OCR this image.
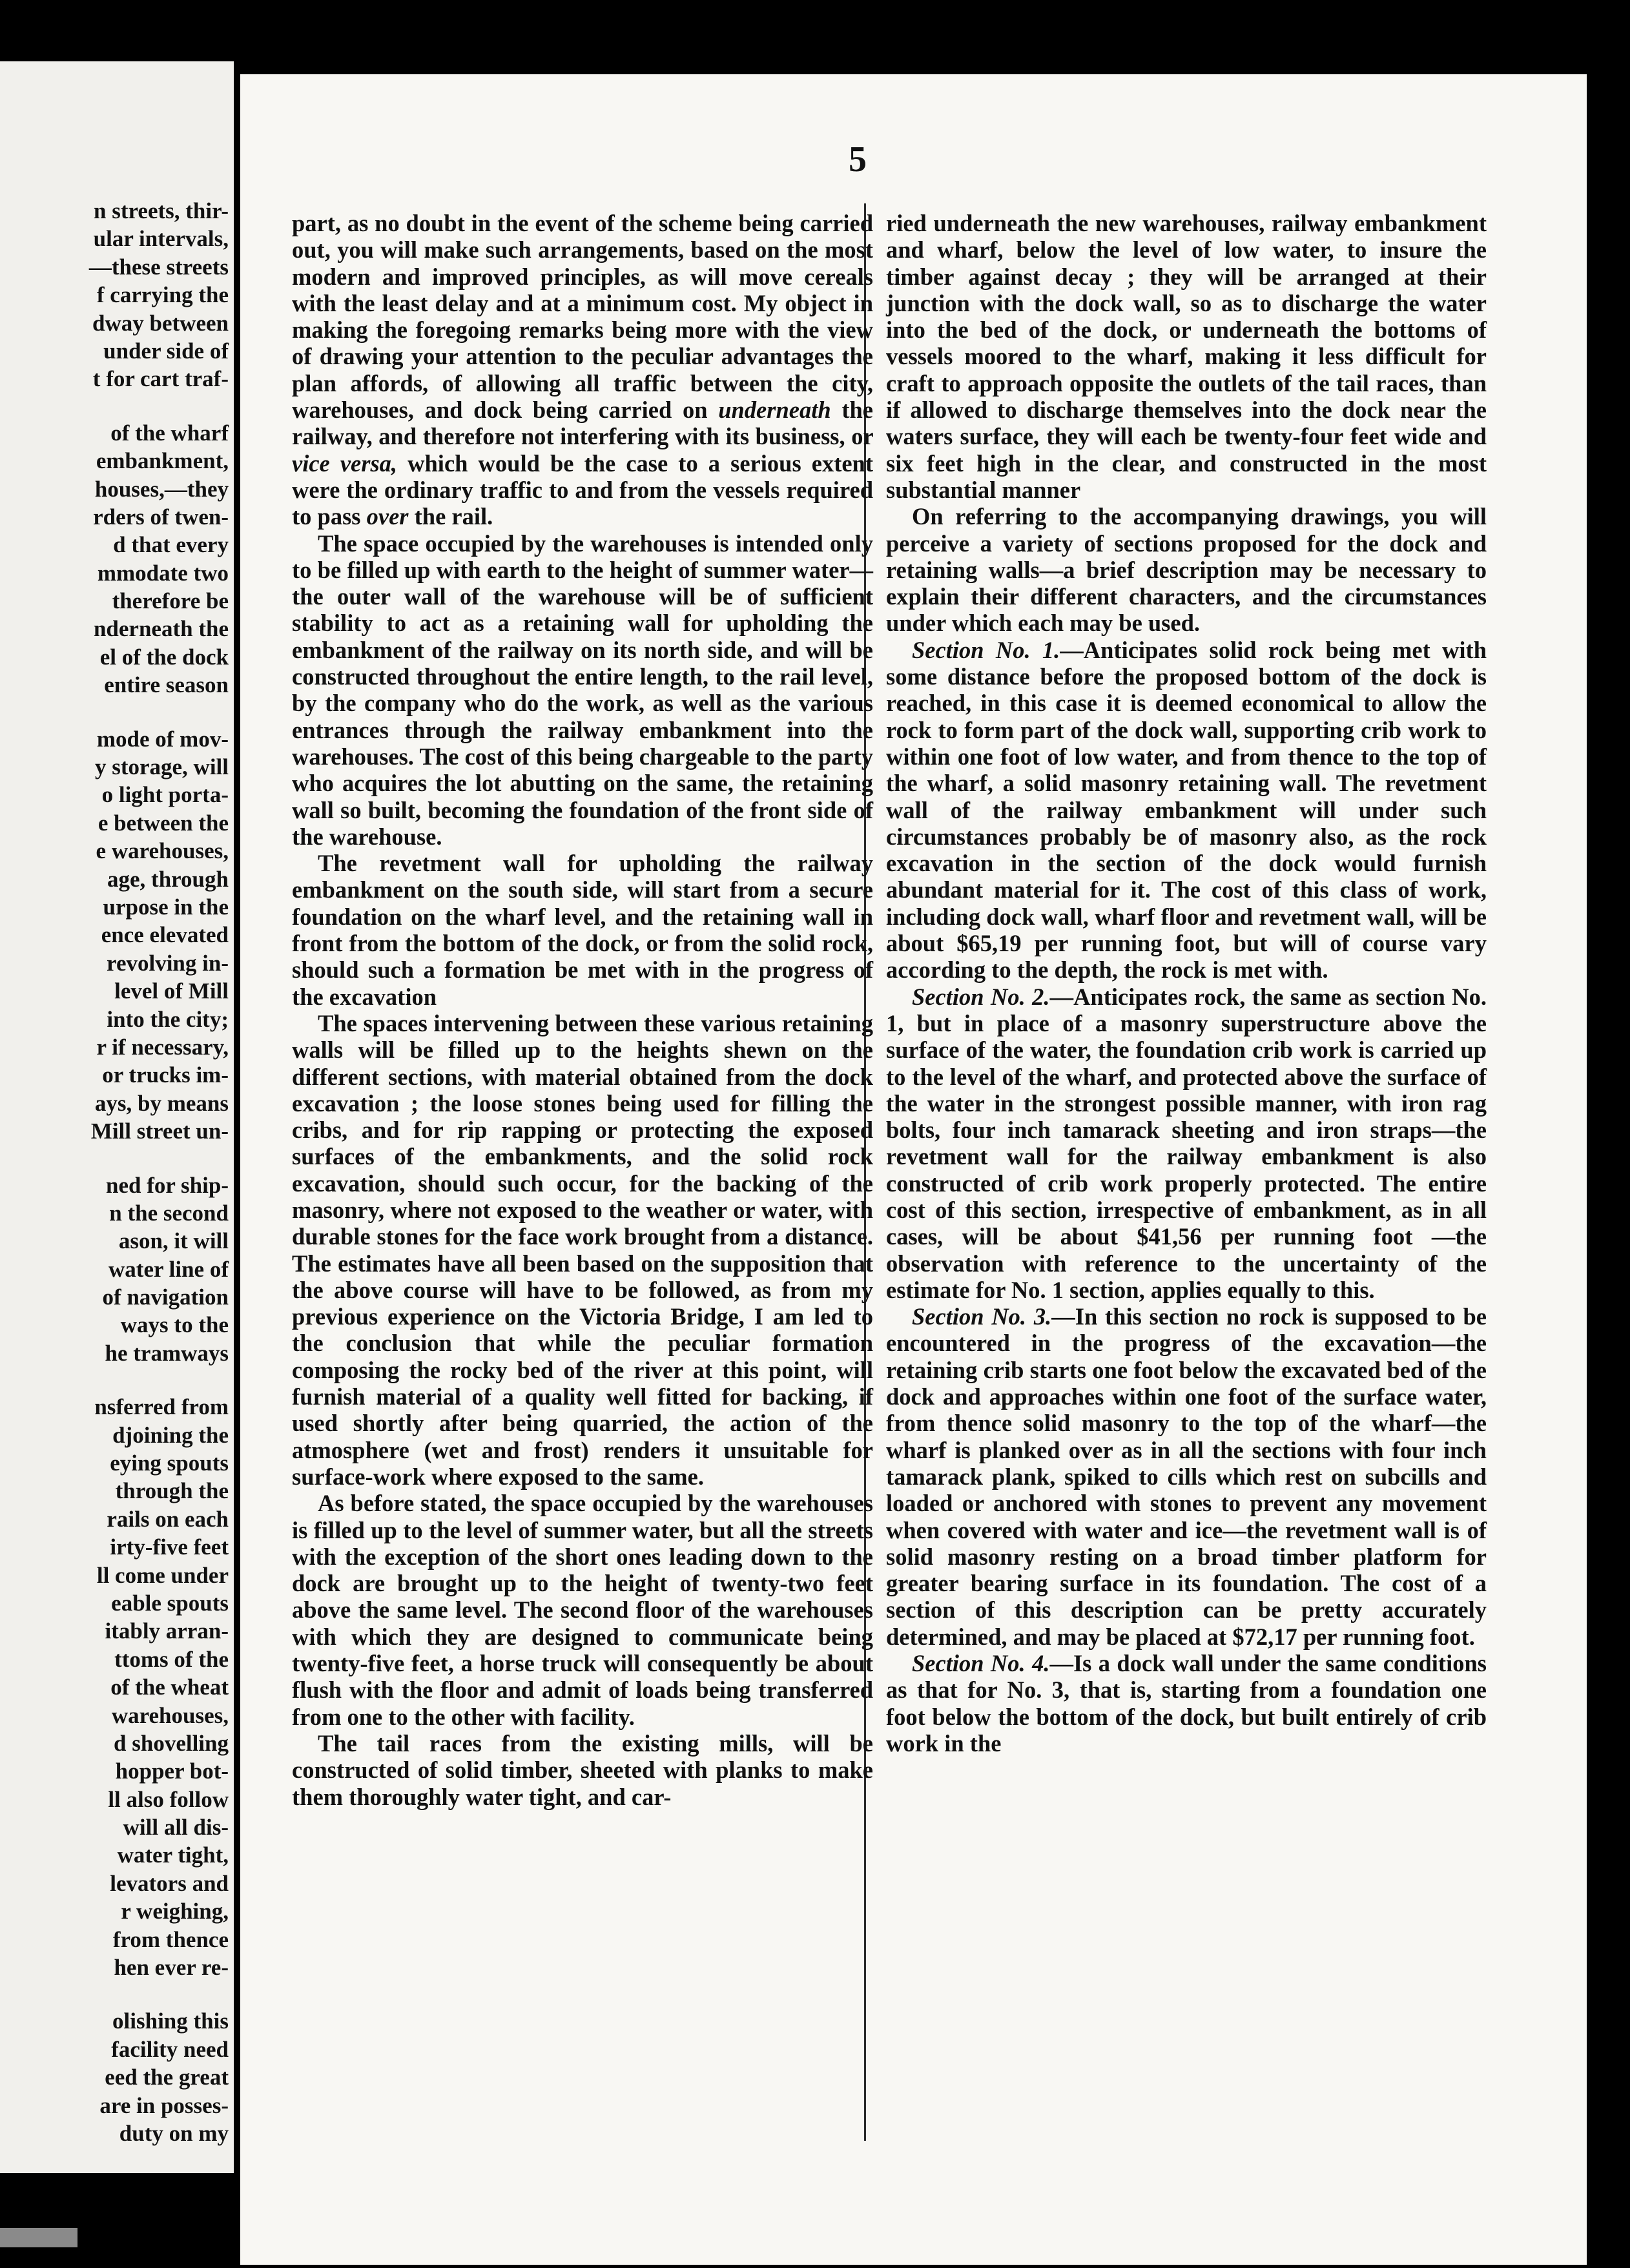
n streets, thir-
ular intervals,
—these streets
f carrying the
dway between
under side of
t for cart traf-
of the wharf
embankment,
houses,—they
rders of twen-
d that every
mmodate two
therefore be
nderneath the
el of the dock
entire season
mode of mov-
y storage, will
o light porta-
e between the
e warehouses,
age, through
urpose in the
ence elevated
revolving in-
level of Mill
into the city;
r if necessary,
or trucks im-
ays, by means
Mill street un-
ned for ship-
n the second
ason, it will
water line of
of navigation
ways to the
he tramways
nsferred from
djoining the
eying spouts
through the
rails on each
irty-five feet
ll come under
eable spouts
itably arran-
ttoms of the
of the wheat
warehouses,
d shovelling
hopper bot-
ll also follow
will all dis-
water tight,
levators and
r weighing,
from thence
hen ever re-
olishing this
facility need
eed the great
are in posses-
duty on my
5

part, as no doubt in the event of the scheme being carried out, you will make such arrangements, based on the most modern and improved principles, as will move cereals with the least delay and at a minimum cost. My object in making the foregoing remarks being more with the view of drawing your attention to the peculiar advantages the plan affords, of allowing all traffic between the city, warehouses, and dock being carried on underneath the railway, and therefore not interfering with its business, or vice versa, which would be the case to a serious extent were the ordinary traffic to and from the vessels required to pass over the rail.

The space occupied by the warehouses is intended only to be filled up with earth to the height of summer water—the outer wall of the warehouse will be of sufficient stability to act as a retaining wall for upholding the embankment of the railway on its north side, and will be constructed throughout the entire length, to the rail level, by the company who do the work, as well as the various entrances through the railway embankment into the warehouses. The cost of this being chargeable to the party who acquires the lot abutting on the same, the retaining wall so built, becoming the foundation of the front side of the warehouse.

The revetment wall for upholding the railway embankment on the south side, will start from a secure foundation on the wharf level, and the retaining wall in front from the bottom of the dock, or from the solid rock, should such a formation be met with in the progress of the excavation

The spaces intervening between these various retaining walls will be filled up to the heights shewn on the different sections, with material obtained from the dock excavation ; the loose stones being used for filling the cribs, and for rip rapping or protecting the exposed surfaces of the embankments, and the solid rock excavation, should such occur, for the backing of the masonry, where not exposed to the weather or water, with durable stones for the face work brought from a distance. The estimates have all been based on the supposition that the above course will have to be followed, as from my previous experience on the Victoria Bridge, I am led to the conclusion that while the peculiar formation composing the rocky bed of the river at this point, will furnish material of a quality well fitted for backing, if used shortly after being quarried, the action of the atmosphere (wet and frost) renders it unsuitable for surface-work where exposed to the same.

As before stated, the space occupied by the warehouses is filled up to the level of summer water, but all the streets with the exception of the short ones leading down to the dock are brought up to the height of twenty-two feet above the same level. The second floor of the warehouses with which they are designed to communicate being twenty-five feet, a horse truck will consequently be about flush with the floor and admit of loads being transferred from one to the other with facility.

The tail races from the existing mills, will be constructed of solid timber, sheeted with planks to make them thoroughly water tight, and car-

ried underneath the new warehouses, railway embankment and wharf, below the level of low water, to insure the timber against decay ; they will be arranged at their junction with the dock wall, so as to discharge the water into the bed of the dock, or underneath the bottoms of vessels moored to the wharf, making it less difficult for craft to approach opposite the outlets of the tail races, than if allowed to discharge themselves into the dock near the waters surface, they will each be twenty-four feet wide and six feet high in the clear, and constructed in the most substantial manner

On referring to the accompanying drawings, you will perceive a variety of sections proposed for the dock and retaining walls—a brief description may be necessary to explain their different characters, and the circumstances under which each may be used.

Section No. 1.—Anticipates solid rock being met with some distance before the proposed bottom of the dock is reached, in this case it is deemed economical to allow the rock to form part of the dock wall, supporting crib work to within one foot of low water, and from thence to the top of the wharf, a solid masonry retaining wall. The revetment wall of the railway embankment will under such circumstances probably be of masonry also, as the rock excavation in the section of the dock would furnish abundant material for it. The cost of this class of work, including dock wall, wharf floor and revetment wall, will be about $65,19 per running foot, but will of course vary according to the depth, the rock is met with.

Section No. 2.—Anticipates rock, the same as section No. 1, but in place of a masonry superstructure above the surface of the water, the foundation crib work is carried up to the level of the wharf, and protected above the surface of the water in the strongest possible manner, with iron rag bolts, four inch tamarack sheeting and iron straps—the revetment wall for the railway embankment is also constructed of crib work properly protected. The entire cost of this section, irrespective of embankment, as in all cases, will be about $41,56 per running foot —the observation with reference to the uncertainty of the estimate for No. 1 section, applies equally to this.

Section No. 3.—In this section no rock is supposed to be encountered in the progress of the excavation—the retaining crib starts one foot below the excavated bed of the dock and approaches within one foot of the surface water, from thence solid masonry to the top of the wharf—the wharf is planked over as in all the sections with four inch tamarack plank, spiked to cills which rest on subcills and loaded or anchored with stones to prevent any movement when covered with water and ice—the revetment wall is of solid masonry resting on a broad timber platform for greater bearing surface in its foundation. The cost of a section of this description can be pretty accurately determined, and may be placed at $72,17 per running foot.

Section No. 4.—Is a dock wall under the same conditions as that for No. 3, that is, starting from a foundation one foot below the bottom of the dock, but built entirely of crib work in the
